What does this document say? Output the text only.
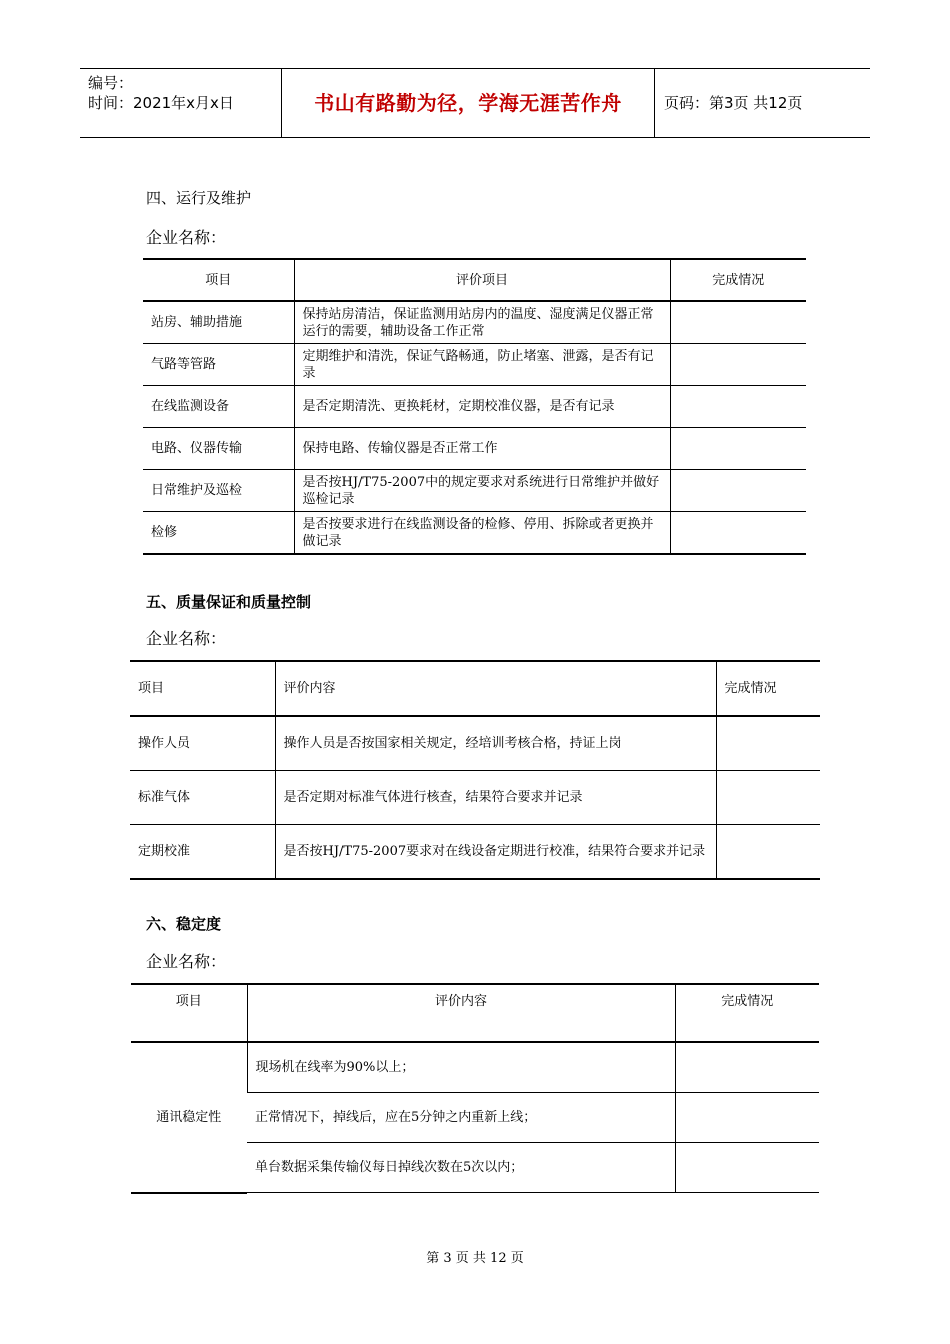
编号：
时间：2021年x月x日	书山有路勤为径，学海无涯苦作舟	页码：第3页 共12页
四、运行及维护
企业名称：
项目	评价项目	完成情况
站房、辅助措施	保持站房清洁，保证监测用站房内的温度、湿度满足仪器正常运行的需要，辅助设备工作正常	
气路等管路	定期维护和清洗，保证气路畅通，防止堵塞、泄露，是否有记录	
在线监测设备	是否定期清洗、更换耗材，定期校准仪器，是否有记录	
电路、仪器传输	保持电路、传输仪器是否正常工作	
日常维护及巡检	是否按HJ/T75-2007中的规定要求对系统进行日常维护并做好巡检记录	
检修	是否按要求进行在线监测设备的检修、停用、拆除或者更换并做记录	
五、质量保证和质量控制
企业名称：
项目	评价内容	完成情况
操作人员	操作人员是否按国家相关规定，经培训考核合格，持证上岗	
标准气体	是否定期对标准气体进行核查，结果符合要求并记录	
定期校准	是否按HJ/T75-2007要求对在线设备定期进行校准，结果符合要求并记录	
六、稳定度
企业名称：
项目	评价内容	完成情况
通讯稳定性	现场机在线率为90%以上；	
	正常情况下，掉线后，应在5分钟之内重新上线；	
	单台数据采集传输仪每日掉线次数在5次以内；	
第 3 页 共 12 页
